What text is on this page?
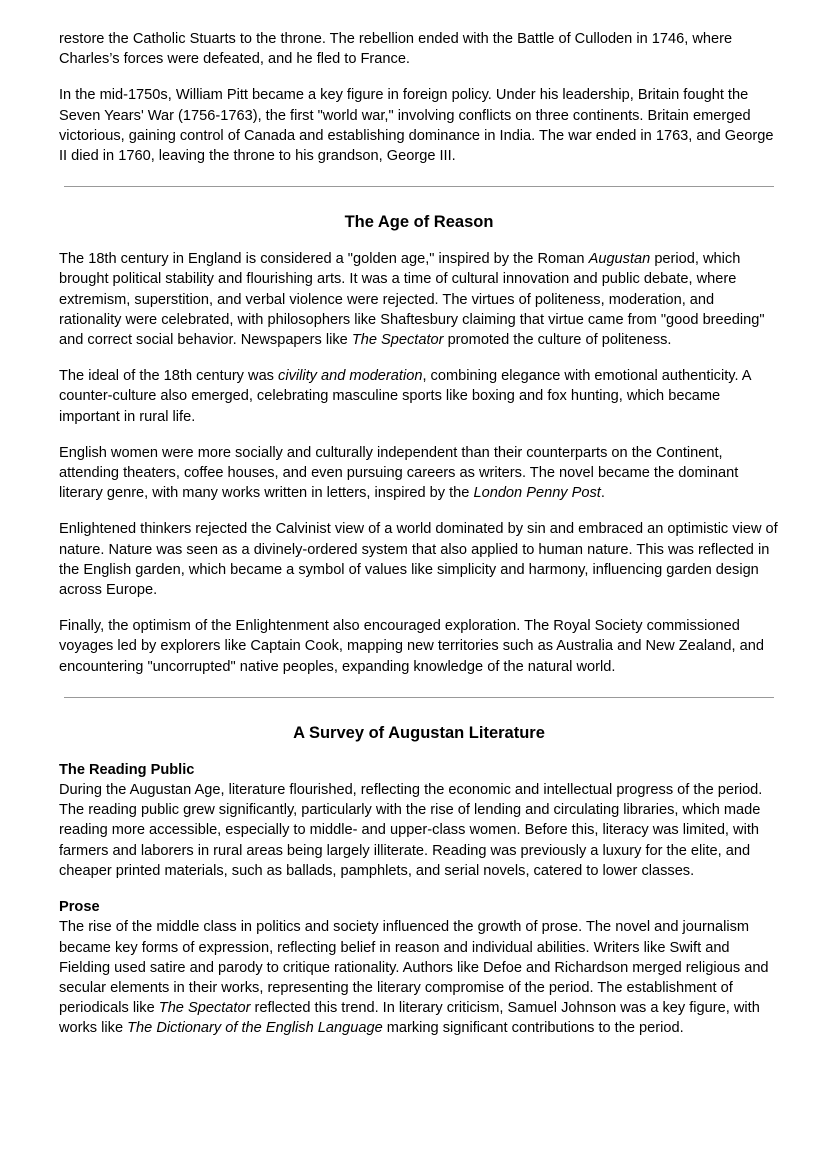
restore the Catholic Stuarts to the throne. The rebellion ended with the Battle of Culloden in 1746, where Charles’s forces were defeated, and he fled to France.

In the mid-1750s, William Pitt became a key figure in foreign policy. Under his leadership, Britain fought the Seven Years' War (1756-1763), the first "world war," involving conflicts on three continents. Britain emerged victorious, gaining control of Canada and establishing dominance in India. The war ended in 1763, and George II died in 1760, leaving the throne to his grandson, George III.

The Age of Reason

The 18th century in England is considered a "golden age," inspired by the Roman Augustan period, which brought political stability and flourishing arts. It was a time of cultural innovation and public debate, where extremism, superstition, and verbal violence were rejected. The virtues of politeness, moderation, and rationality were celebrated, with philosophers like Shaftesbury claiming that virtue came from "good breeding" and correct social behavior. Newspapers like The Spectator promoted the culture of politeness.

The ideal of the 18th century was civility and moderation, combining elegance with emotional authenticity. A counter-culture also emerged, celebrating masculine sports like boxing and fox hunting, which became important in rural life.

English women were more socially and culturally independent than their counterparts on the Continent, attending theaters, coffee houses, and even pursuing careers as writers. The novel became the dominant literary genre, with many works written in letters, inspired by the London Penny Post.

Enlightened thinkers rejected the Calvinist view of a world dominated by sin and embraced an optimistic view of nature. Nature was seen as a divinely-ordered system that also applied to human nature. This was reflected in the English garden, which became a symbol of values like simplicity and harmony, influencing garden design across Europe.

Finally, the optimism of the Enlightenment also encouraged exploration. The Royal Society commissioned voyages led by explorers like Captain Cook, mapping new territories such as Australia and New Zealand, and encountering "uncorrupted" native peoples, expanding knowledge of the natural world.

A Survey of Augustan Literature

The Reading Public
During the Augustan Age, literature flourished, reflecting the economic and intellectual progress of the period. The reading public grew significantly, particularly with the rise of lending and circulating libraries, which made reading more accessible, especially to middle- and upper-class women. Before this, literacy was limited, with farmers and laborers in rural areas being largely illiterate. Reading was previously a luxury for the elite, and cheaper printed materials, such as ballads, pamphlets, and serial novels, catered to lower classes.

Prose
The rise of the middle class in politics and society influenced the growth of prose. The novel and journalism became key forms of expression, reflecting belief in reason and individual abilities. Writers like Swift and Fielding used satire and parody to critique rationality. Authors like Defoe and Richardson merged religious and secular elements in their works, representing the literary compromise of the period. The establishment of periodicals like The Spectator reflected this trend. In literary criticism, Samuel Johnson was a key figure, with works like The Dictionary of the English Language marking significant contributions to the period.
